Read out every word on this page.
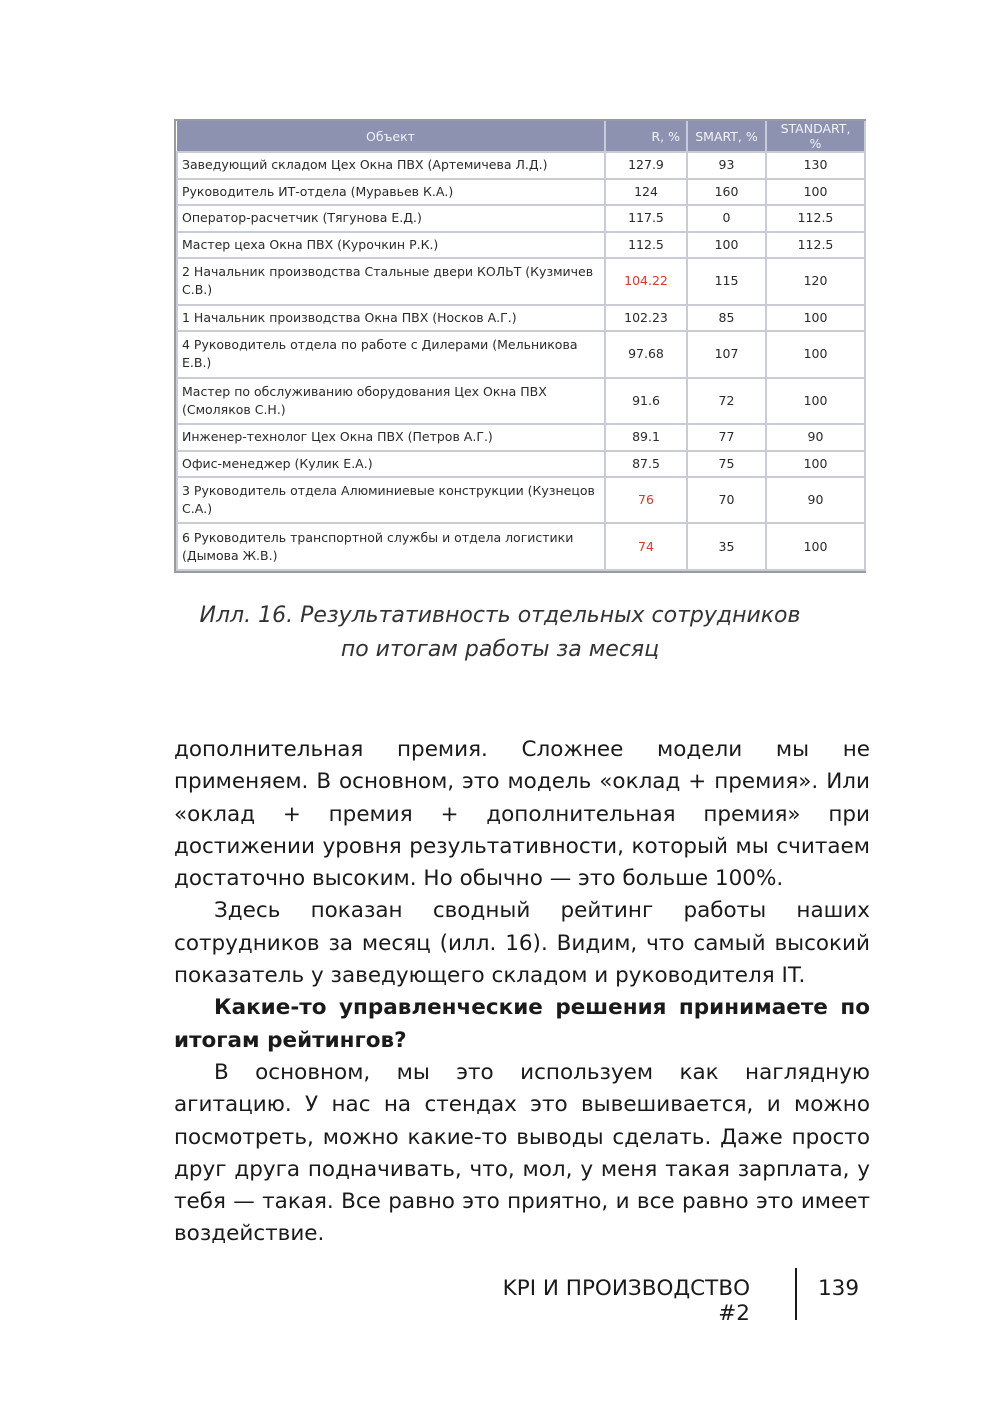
Объект	R, %	SMART, %	STANDART, %
Заведующий складом Цех Окна ПВХ (Артемичева Л.Д.)	127.9	93	130
Руководитель ИТ-отдела (Муравьев К.А.)	124	160	100
Оператор-расчетчик (Тягунова Е.Д.)	117.5	0	112.5
Мастер цеха Окна ПВХ (Курочкин Р.К.)	112.5	100	112.5
2 Начальник производства Стальные двери КОЛЬТ (Кузмичев С.В.)	104.22	115	120
1 Начальник производства Окна ПВХ (Носков А.Г.)	102.23	85	100
4 Руководитель отдела по работе с Дилерами (Мельникова Е.В.)	97.68	107	100
Мастер по обслуживанию оборудования Цех Окна ПВХ (Смоляков С.Н.)	91.6	72	100
Инженер-технолог Цех Окна ПВХ (Петров А.Г.)	89.1	77	90
Офис-менеджер (Кулик Е.А.)	87.5	75	100
3 Руководитель отдела Алюминиевые конструкции (Кузнецов С.А.)	76	70	90
6 Руководитель транспортной службы и отдела логистики (Дымова Ж.В.)	74	35	100
Илл. 16. Результативность отдельных сотрудников
по итогам работы за месяц

дополнительная премия. Сложнее модели мы не применяем. В основном, это модель «оклад + премия». Или «оклад + премия + дополнительная премия» при достижении уровня результативности, который мы считаем достаточно высоким. Но обычно — это больше 100%.

Здесь показан сводный рейтинг работы наших сотрудников за месяц (илл. 16). Видим, что самый высокий показатель у заведующего складом и руководителя IT.

Какие-то управленческие решения принимаете по итогам рейтингов?

В основном, мы это используем как наглядную агитацию. У нас на стендах это вывешивается, и можно посмотреть, можно какие-то выводы сделать. Даже просто друг друга подначивать, что, мол, у меня такая зарплата, у тебя — такая. Все равно это приятно, и все равно это имеет воздействие.

KPI И ПРОИЗВОДСТВО #2
139
